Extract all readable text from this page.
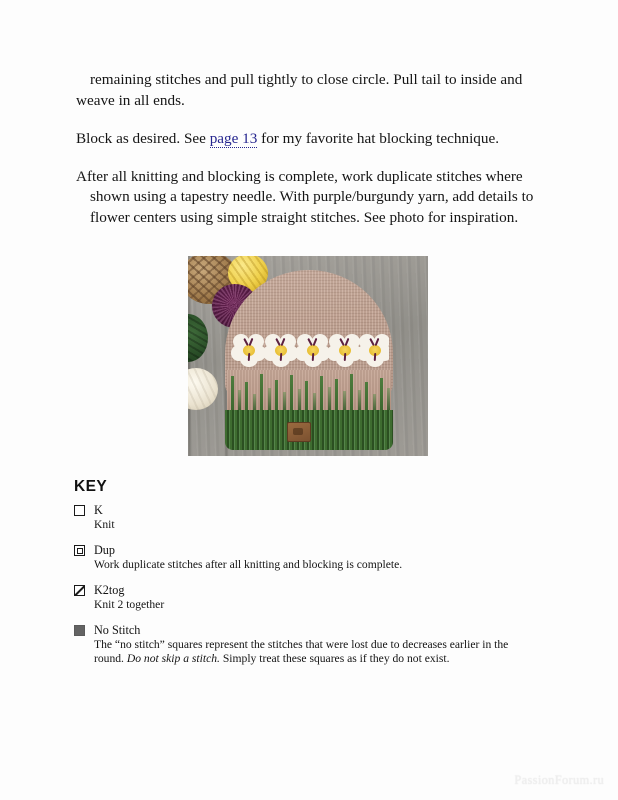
remaining stitches and pull tightly to close circle. Pull tail to inside and weave in all ends.

Block as desired. See page 13 for my favorite hat blocking technique.

After all knitting and blocking is complete, work duplicate stitches where shown using a tapestry needle. With purple/burgundy yarn, add details to flower centers using simple straight stitches. See photo for inspiration.

KEY
K
Knit
Dup
Work duplicate stitches after all knitting and blocking is complete.
K2tog
Knit 2 together
No Stitch
The “no stitch” squares represent the stitches that were lost due to decreases earlier in the round. Do not skip a stitch. Simply treat these squares as if they do not exist.
PassionForum.ru
